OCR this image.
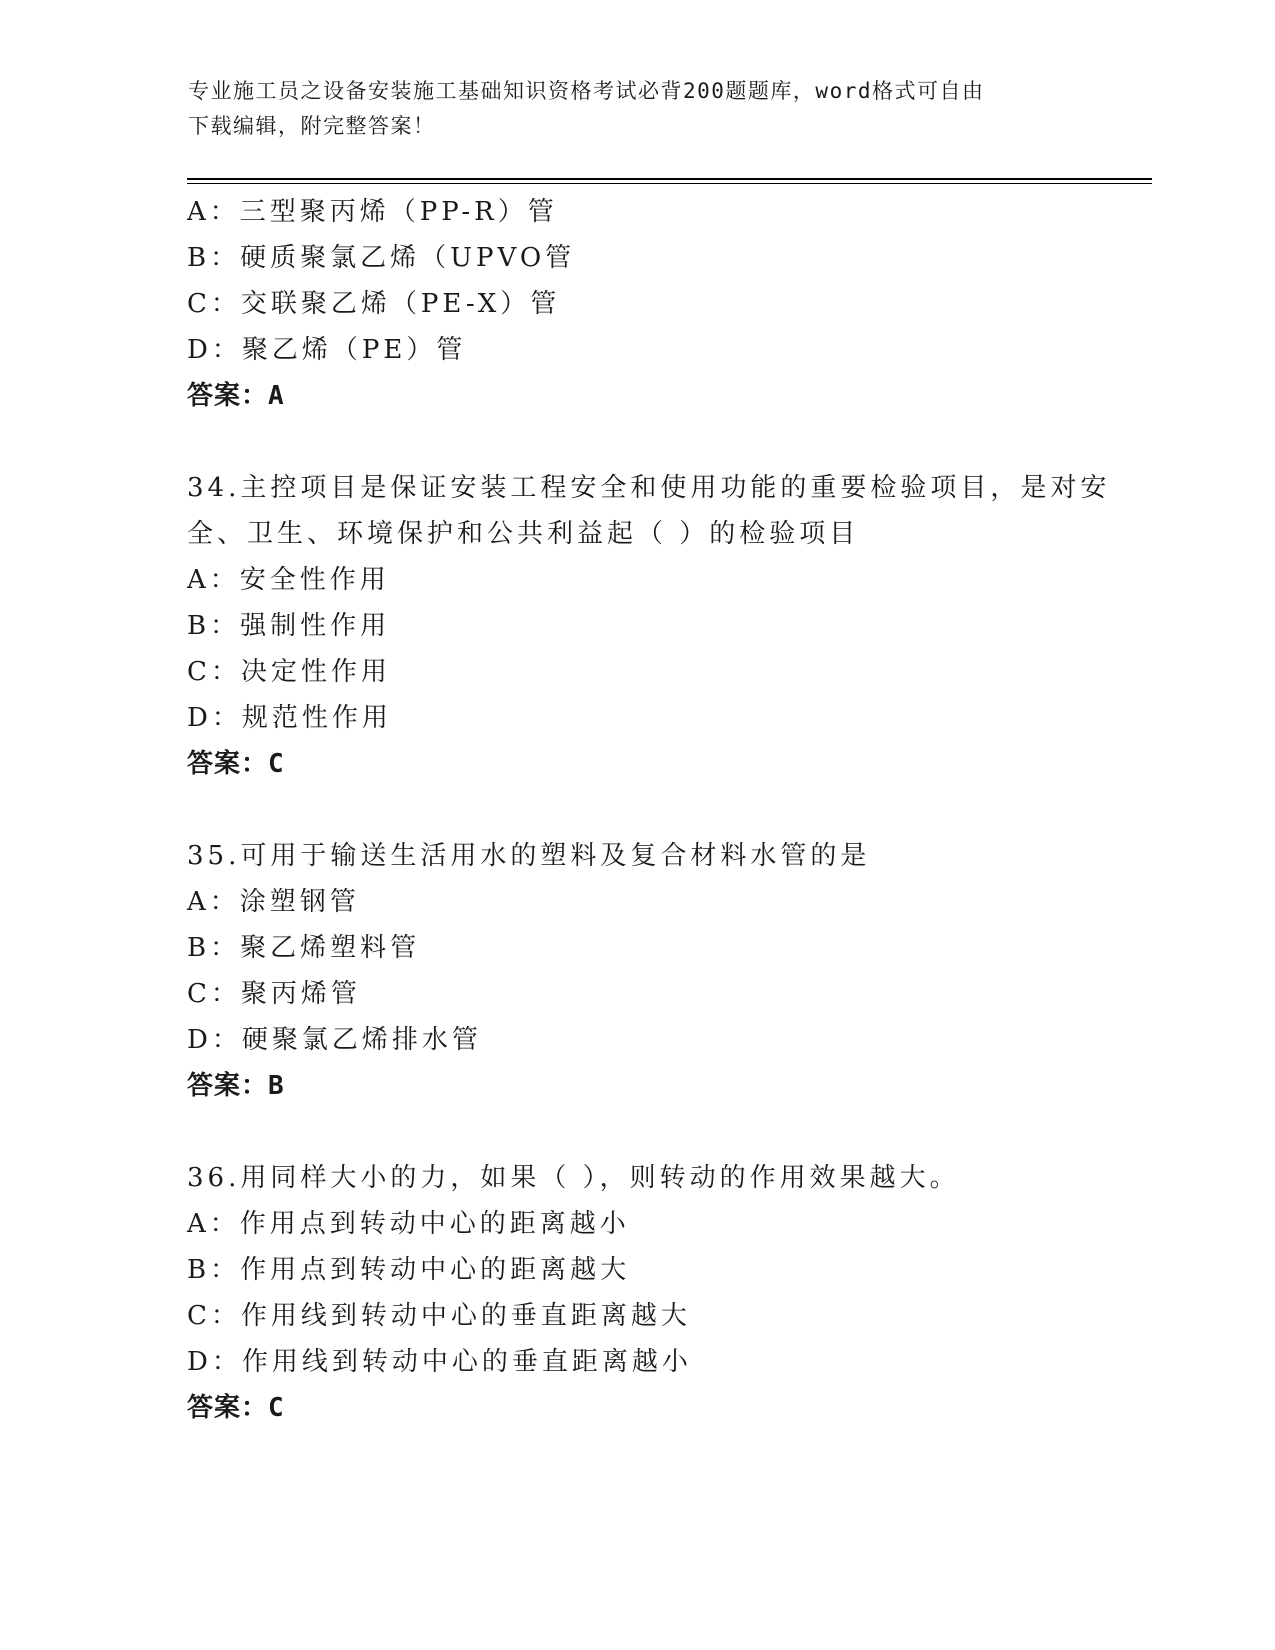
专业施工员之设备安装施工基础知识资格考试必背200题题库，word格式可自由
下载编辑，附完整答案！
A：三型聚丙烯（PP-R）管
B：硬质聚氯乙烯（UPVO管
C：交联聚乙烯（PE-X）管
D：聚乙烯（PE）管
答案：A
34.主控项目是保证安装工程安全和使用功能的重要检验项目，是对安
全、卫生、环境保护和公共利益起（ ）的检验项目
A：安全性作用
B：强制性作用
C：决定性作用
D：规范性作用
答案：C
35.可用于输送生活用水的塑料及复合材料水管的是
A：涂塑钢管
B：聚乙烯塑料管
C：聚丙烯管
D：硬聚氯乙烯排水管
答案：B
36.用同样大小的力，如果（ ），则转动的作用效果越大。
A：作用点到转动中心的距离越小
B：作用点到转动中心的距离越大
C：作用线到转动中心的垂直距离越大
D：作用线到转动中心的垂直距离越小
答案：C
